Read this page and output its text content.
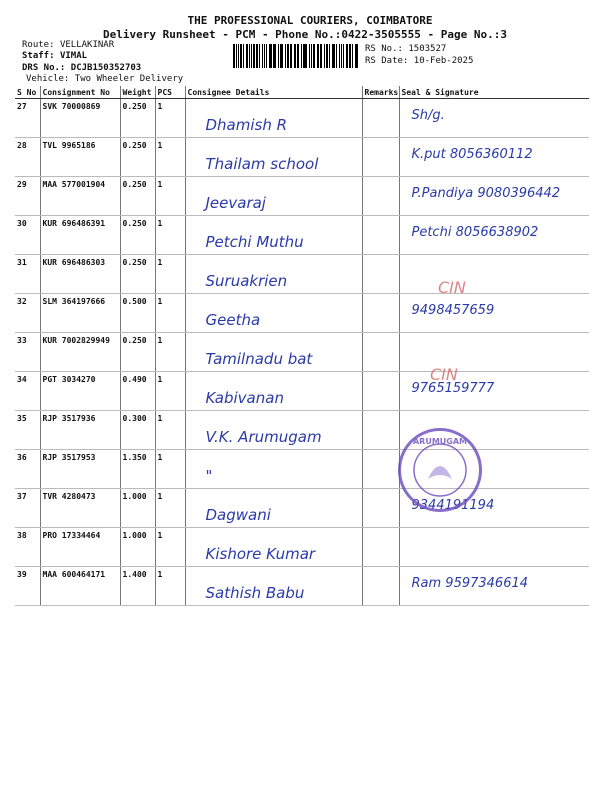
THE PROFESSIONAL COURIERS, COIMBATORE
Delivery Runsheet - PCM - Phone No.:0422-3505555 - Page No.:3
Route: VELLAKINAR
Staff: VIMAL
DRS No.: DCJB150352703
Vehicle: Two Wheeler Delivery
RS No.: 1503527
RS Date: 10-Feb-2025
S No	Consignment No	Weight	PCS	Consignee Details	Remarks	Seal & Signature
27	SVK 70000869	0.250	1	Dhamish R		Sh/g.
28	TVL 9965186	0.250	1	Thailam school		K.put 8056360112
29	MAA 577001904	0.250	1	Jeevaraj		P.Pandiya 9080396442
30	KUR 696486391	0.250	1	Petchi Muthu		Petchi 8056638902
31	KUR 696486303	0.250	1	Suruakrien		
32	SLM 364197666	0.500	1	Geetha		9498457659
33	KUR 7002829949	0.250	1	Tamilnadu bat		
34	PGT 3034270	0.490	1	Kabivanan		9765159777
35	RJP 3517936	0.300	1	V.K. Arumugam		
36	RJP 3517953	1.350	1	"		
37	TVR 4280473	1.000	1	Dagwani		9344191194
38	PRO 17334464	1.000	1	Kishore Kumar		
39	MAA 600464171	1.400	1	Sathish Babu		Ram 9597346614
CIN
CIN
ARUMUGAM
